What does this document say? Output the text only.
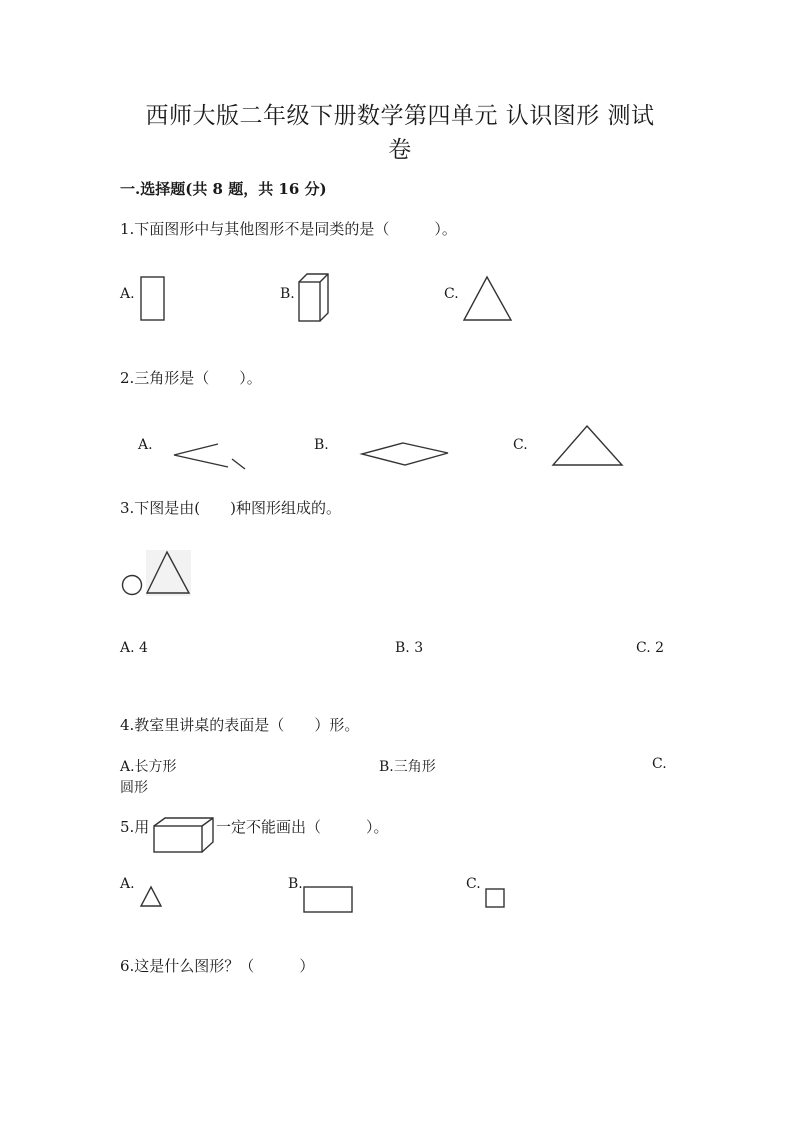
西师大版二年级下册数学第四单元 认识图形 测试
卷
一.选择题(共 8 题，共 16 分)
1.下面图形中与其他图形不是同类的是（　　　）。
A.	B.	C.
2.三角形是（　　）。
A.	B.	C.
3.下图是由(　　)种图形组成的。
A. 4	B. 3	C. 2
4.教室里讲桌的表面是（　　）形。
A.长方形	B.三角形	C.
圆形
5.用	一定不能画出（　　　）。
A.	B.	C.
6.这是什么图形？（　　　）
